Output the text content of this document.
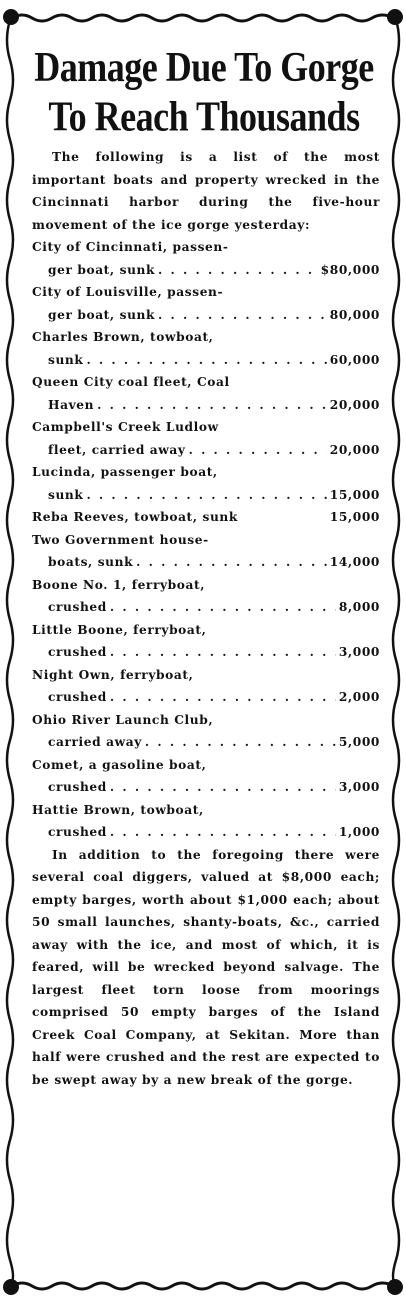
Damage Due To Gorge
To Reach Thousands
The following is a list of the most important boats and property wrecked in the Cincinnati harbor during the five-hour movement of the ice gorge yesterday:
City of Cincinnati, passen-
ger boat, sunk . . .	$80,000
City of Louisville, passen-
ger boat, sunk . . .	80,000
Charles Brown, towboat,
sunk . . .	60,000
Queen City coal fleet, Coal
Haven . . .	20,000
Campbell's Creek Ludlow
fleet, carried away . . .	20,000
Lucinda, passenger boat,
sunk . . .	15,000
Reba Reeves, towboat, sunk	15,000
Two Government house-
boats, sunk . . .	14,000
Boone No. 1, ferryboat,
crushed . . .	8,000
Little Boone, ferryboat,
crushed . . .	3,000
Night Own, ferryboat,
crushed . . .	2,000
Ohio River Launch Club,
carried away . . .	5,000
Comet, a gasoline boat,
crushed . . .	3,000
Hattie Brown, towboat,
crushed . . .	1,000
In addition to the foregoing there were several coal diggers, valued at $8,000 each; empty barges, worth about $1,000 each; about 50 small launches, shanty-boats, &c., carried away with the ice, and most of which, it is feared, will be wrecked beyond salvage. The largest fleet torn loose from moorings comprised 50 empty barges of the Island Creek Coal Company, at Sekitan. More than half were crushed and the rest are expected to be swept away by a new break of the gorge.
